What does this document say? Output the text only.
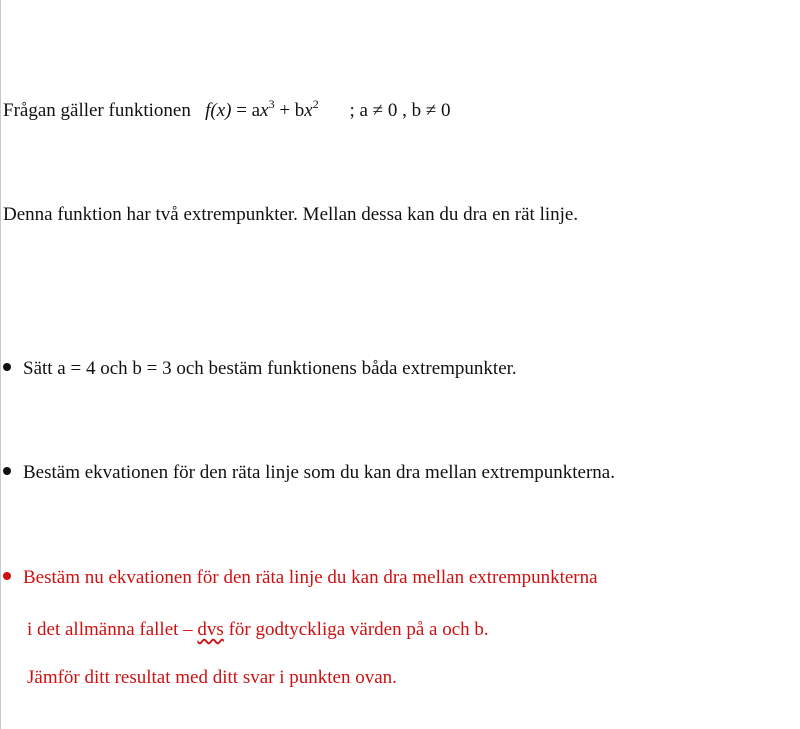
Frågan gäller funktionen $f(x) = ax^3 + bx^2$ ; a ≠ 0 , b ≠ 0
Denna funktion har två extrempunkter. Mellan dessa kan du dra en rät linje.
Sätt a = 4 och b = 3 och bestäm funktionens båda extrempunkter.
Bestäm ekvationen för den räta linje som du kan dra mellan extrempunkterna.
Bestäm nu ekvationen för den räta linje du kan dra mellan extrempunkterna
i det allmänna fallet – dvs för godtyckliga värden på a och b.
Jämför ditt resultat med ditt svar i punkten ovan.
